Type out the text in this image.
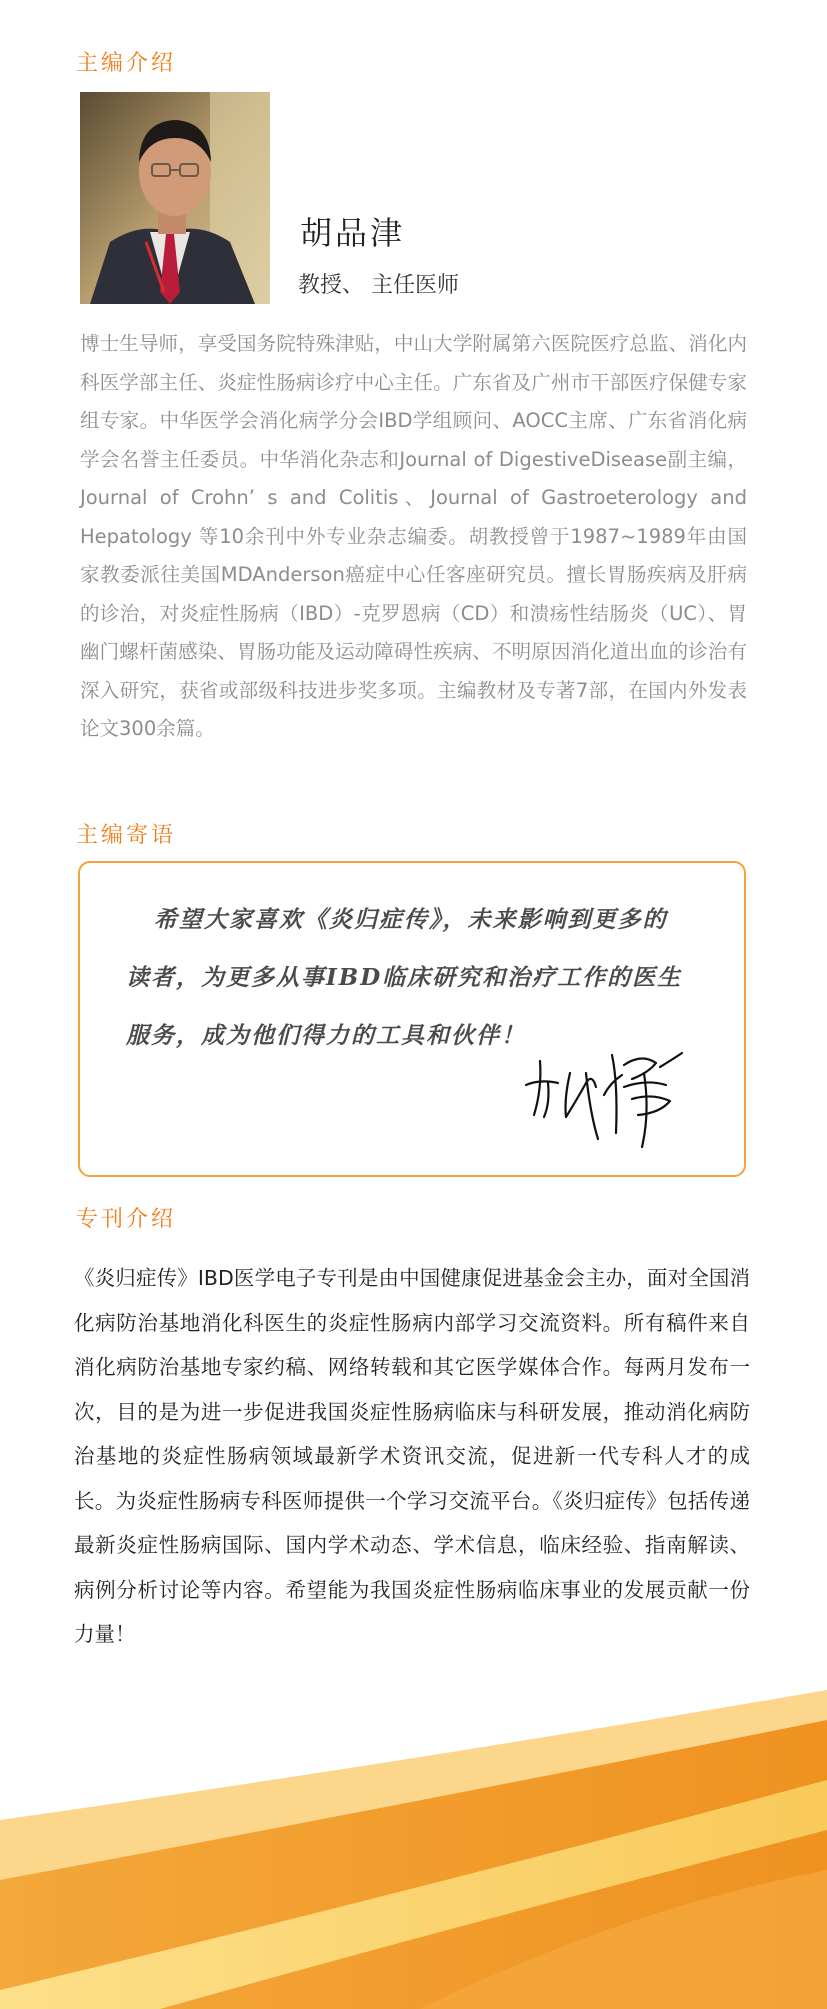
主编介绍
胡品津
教授、 主任医师

博士生导师，享受国务院特殊津贴，中山大学附属第六医院医疗总监、消化内科医学部主任、炎症性肠病诊疗中心主任。广东省及广州市干部医疗保健专家组专家。中华医学会消化病学分会IBD学组顾问、AOCC主席、广东省消化病学会名誉主任委员。中华消化杂志和Journal of DigestiveDisease副主编，Journal of Crohn’ s and Colitis、Journal of Gastroeterology and Hepatology 等10余刊中外专业杂志编委。胡教授曾于1987~1989年由国家教委派往美国MDAnderson癌症中心任客座研究员。擅长胃肠疾病及肝病的诊治，对炎症性肠病（IBD）-克罗恩病（CD）和溃疡性结肠炎（UC）、胃幽门螺杆菌感染、胃肠功能及运动障碍性疾病、不明原因消化道出血的诊治有深入研究，获省或部级科技进步奖多项。主编教材及专著7部，在国内外发表论文300余篇。

主编寄语

希望大家喜欢《炎归症传》，未来影响到更多的读者，为更多从事IBD临床研究和治疗工作的医生服务，成为他们得力的工具和伙伴！

专刊介绍

《炎归症传》IBD医学电子专刊是由中国健康促进基金会主办，面对全国消化病防治基地消化科医生的炎症性肠病内部学习交流资料。所有稿件来自消化病防治基地专家约稿、网络转载和其它医学媒体合作。每两月发布一次，目的是为进一步促进我国炎症性肠病临床与科研发展，推动消化病防治基地的炎症性肠病领域最新学术资讯交流，促进新一代专科人才的成长。为炎症性肠病专科医师提供一个学习交流平台。《炎归症传》包括传递最新炎症性肠病国际、国内学术动态、学术信息，临床经验、指南解读、病例分析讨论等内容。希望能为我国炎症性肠病临床事业的发展贡献一份力量！
